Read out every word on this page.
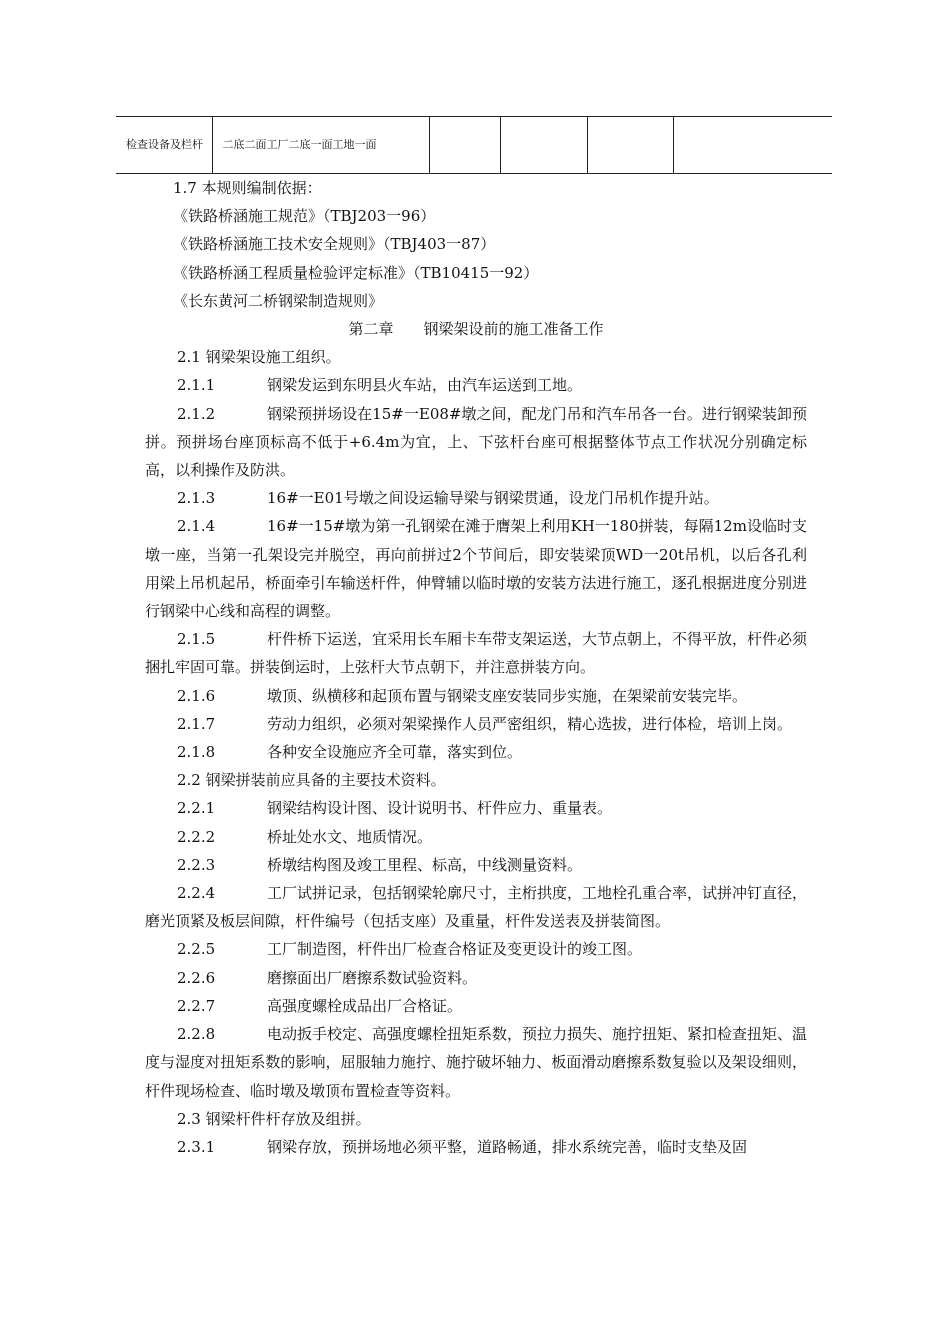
检查设备及栏杆	二底二面工厂二底一面工地一面				

1.7 本规则编制依据：

《铁路桥涵施工规范》（TBJ203一96）

《铁路桥涵施工技术安全规则》（TBJ403一87）

《铁路桥涵工程质量检验评定标准》（TB10415一92）

《长东黄河二桥钢梁制造规则》

第二章　　钢梁架设前的施工准备工作

2.1 钢梁架设施工组织。

2.1.1	钢梁发运到东明县火车站，由汽车运送到工地。

2.1.2	钢梁预拼场设在15#一E08#墩之间，配龙门吊和汽车吊各一台。进行钢梁装卸预拼。预拼场台座顶标高不低于+6.4m为宜，上、下弦杆台座可根据整体节点工作状况分别确定标高，以利操作及防洪。

2.1.3	16#一E01号墩之间设运输导梁与钢梁贯通，设龙门吊机作提升站。

2.1.4	16#一15#墩为第一孔钢梁在滩于膺架上利用KH一180拼装，每隔12m设临时支墩一座，当第一孔架设完并脱空，再向前拼过2个节间后，即安装梁顶WD一20t吊机，以后各孔利用梁上吊机起吊，桥面牵引车输送杆件，伸臂辅以临时墩的安装方法进行施工，逐孔根据进度分别进行钢梁中心线和高程的调整。

2.1.5	杆件桥下运送，宜采用长车厢卡车带支架运送，大节点朝上，不得平放，杆件必须捆扎牢固可靠。拼装倒运时，上弦杆大节点朝下，并注意拼装方向。

2.1.6	墩顶、纵横移和起顶布置与钢梁支座安装同步实施，在架梁前安装完毕。

2.1.7	劳动力组织，必须对架梁操作人员严密组织，精心选拔，进行体检，培训上岗。

2.1.8	各种安全设施应齐全可靠，落实到位。

2.2 钢梁拼装前应具备的主要技术资料。

2.2.1	钢梁结构设计图、设计说明书、杆件应力、重量表。

2.2.2	桥址处水文、地质情况。

2.2.3	桥墩结构图及竣工里程、标高，中线测量资料。

2.2.4	工厂试拼记录，包括钢梁轮廓尺寸，主桁拱度，工地栓孔重合率，试拼冲钉直径，磨光顶紧及板层间隙，杆件编号（包括支座）及重量，杆件发送表及拼装简图。

2.2.5	工厂制造图，杆件出厂检查合格证及变更设计的竣工图。

2.2.6	磨擦面出厂磨擦系数试验资料。

2.2.7	高强度螺栓成品出厂合格证。

2.2.8	电动扳手校定、高强度螺栓扭矩系数，预拉力损失、施拧扭矩、紧扣检查扭矩、温度与湿度对扭矩系数的影响，屈服轴力施拧、施拧破坏轴力、板面滑动磨擦系数复验以及架设细则，杆件现场检查、临时墩及墩顶布置检查等资料。

2.3 钢梁杆件杆存放及组拼。

2.3.1	钢梁存放，预拼场地必须平整，道路畅通，排水系统完善，临时支垫及固
